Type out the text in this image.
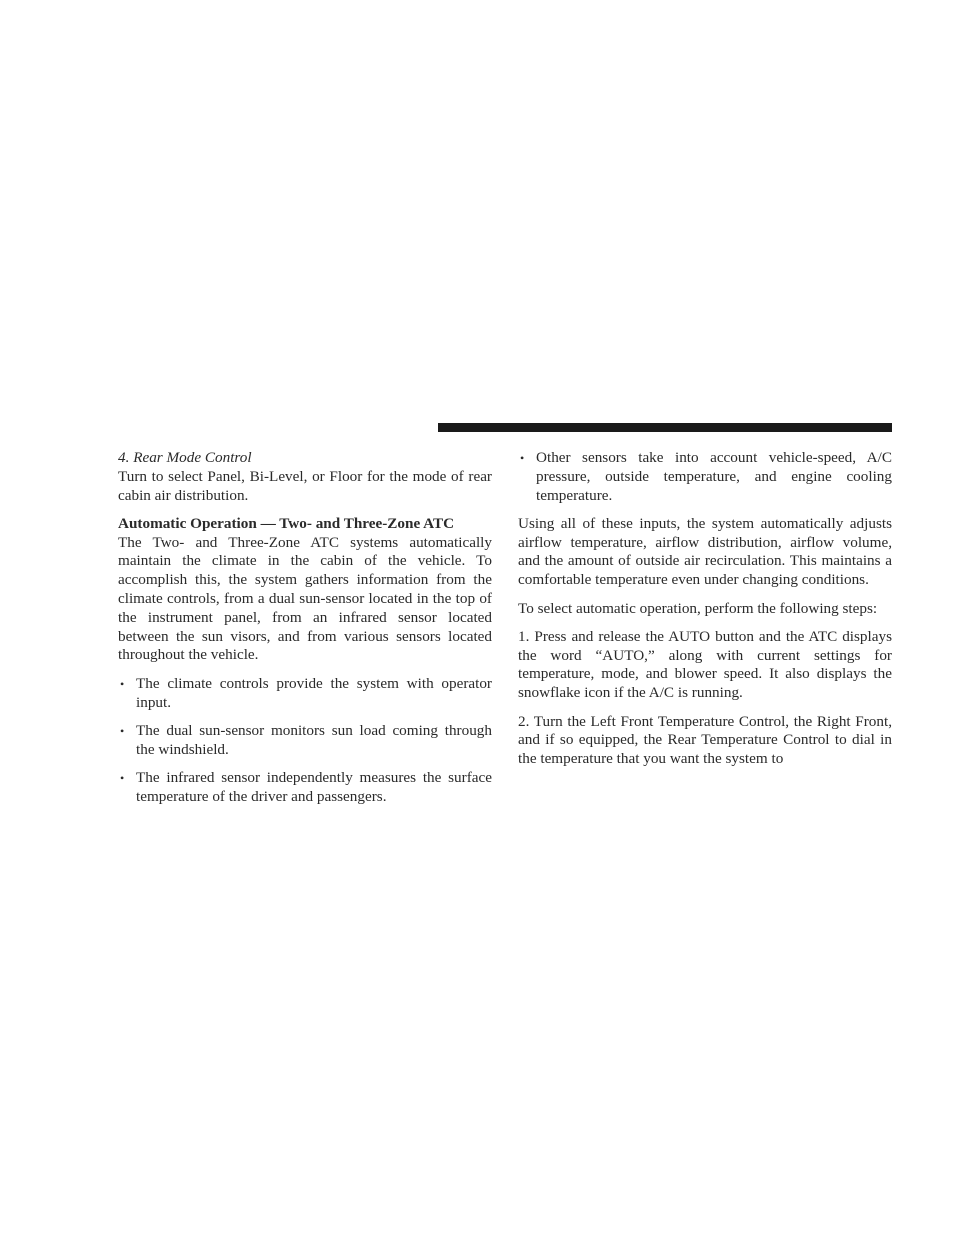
4. Rear Mode Control

Turn to select Panel, Bi-Level, or Floor for the mode of rear cabin air distribution.

Automatic Operation — Two- and Three-Zone ATC

The Two- and Three-Zone ATC systems automatically maintain the climate in the cabin of the vehicle. To accomplish this, the system gathers information from the climate controls, from a dual sun-sensor located in the top of the instrument panel, from an infrared sensor located between the sun visors, and from various sensors located throughout the vehicle.

• The climate controls provide the system with operator input.
• The dual sun-sensor monitors sun load coming through the windshield.
• The infrared sensor independently measures the surface temperature of the driver and passengers.
• Other sensors take into account vehicle-speed, A/C pressure, outside temperature, and engine cooling temperature.

Using all of these inputs, the system automatically adjusts airflow temperature, airflow distribution, airflow volume, and the amount of outside air recirculation. This maintains a comfortable temperature even under changing conditions.

To select automatic operation, perform the following steps:

1. Press and release the AUTO button and the ATC displays the word “AUTO,” along with current settings for temperature, mode, and blower speed. It also displays the snowflake icon if the A/C is running.

2. Turn the Left Front Temperature Control, the Right Front, and if so equipped, the Rear Temperature Control to dial in the temperature that you want the system to
